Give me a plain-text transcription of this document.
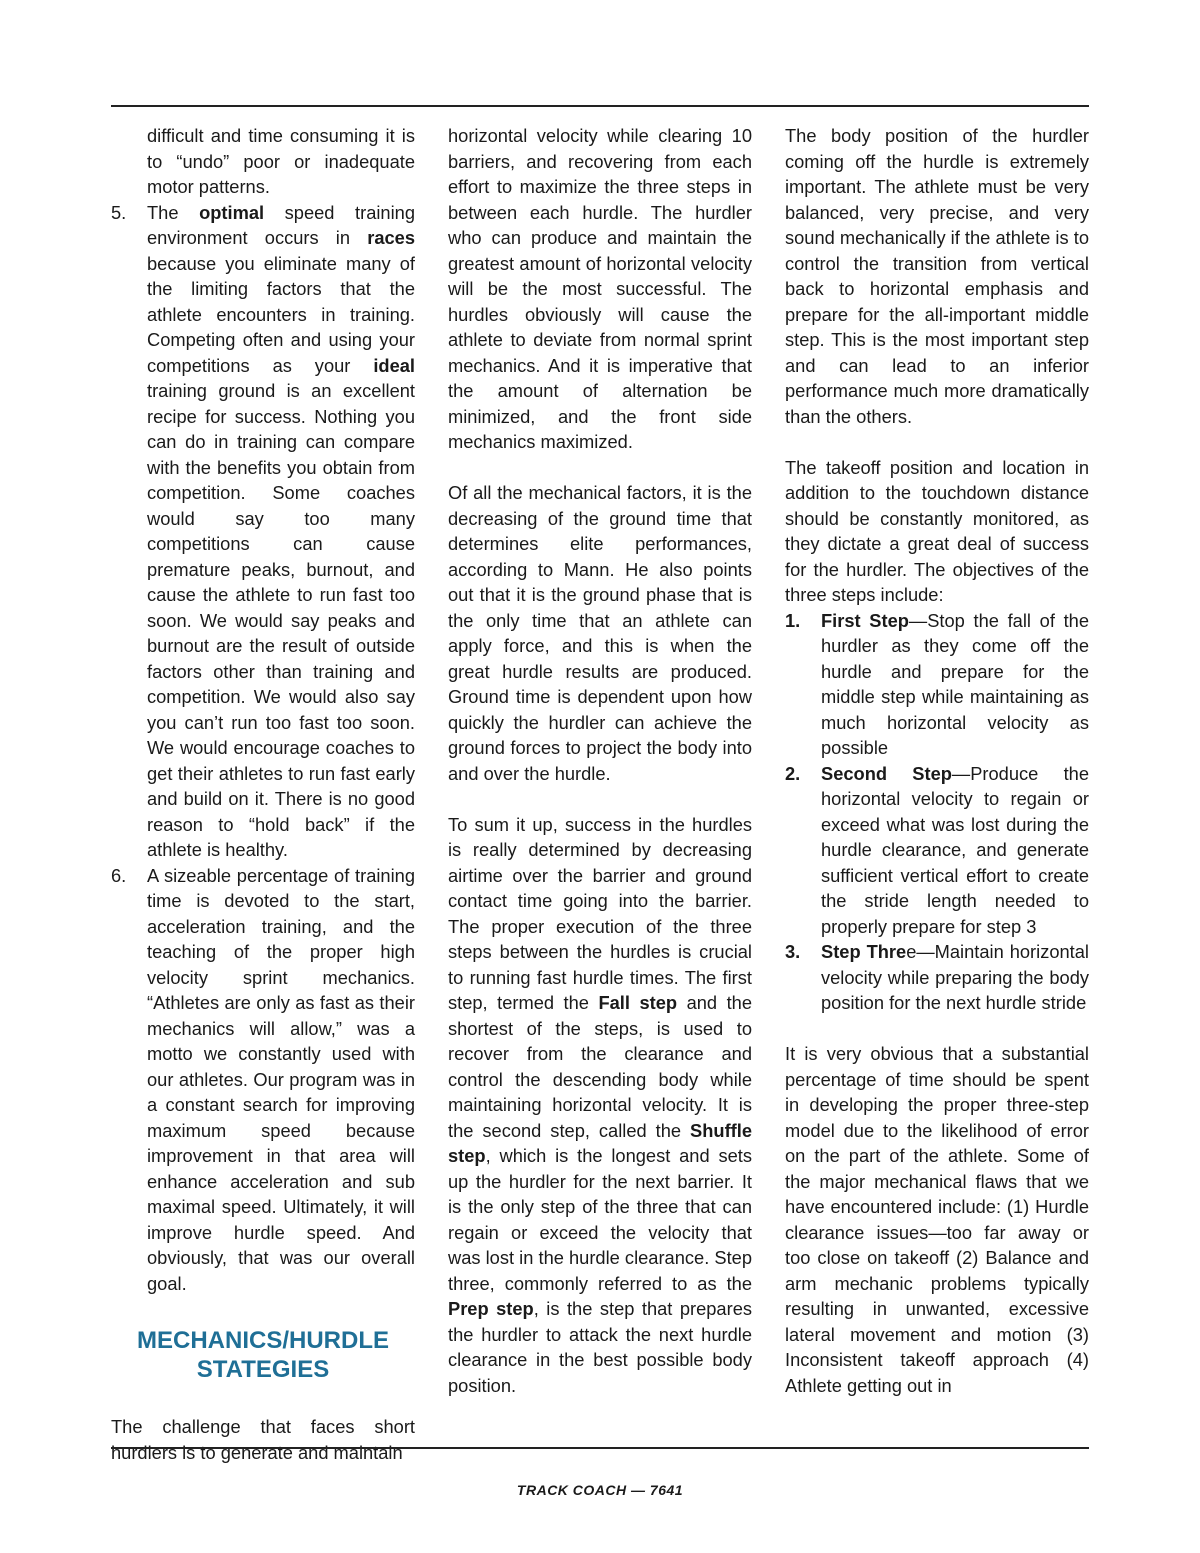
difficult and time consuming it is to “undo” poor or inadequate motor patterns.

5. The optimal speed training environment occurs in races because you eliminate many of the limiting factors that the athlete encounters in training. Competing often and using your competitions as your ideal training ground is an excellent recipe for success. Nothing you can do in training can compare with the benefits you obtain from competition. Some coaches would say too many competitions can cause premature peaks, burnout, and cause the athlete to run fast too soon. We would say peaks and burnout are the result of outside factors other than training and competition. We would also say you can’t run too fast too soon. We would encourage coaches to get their athletes to run fast early and build on it. There is no good reason to “hold back” if the athlete is healthy.

6. A sizeable percentage of training time is devoted to the start, acceleration training, and the teaching of the proper high velocity sprint mechanics. “Athletes are only as fast as their mechanics will allow,” was a motto we constantly used with our athletes. Our program was in a constant search for improving maximum speed because improvement in that area will enhance acceleration and sub maximal speed. Ultimately, it will improve hurdle speed. And obviously, that was our overall goal.

MECHANICS/HURDLE
STATEGIES

The challenge that faces short hurdlers is to generate and maintain

horizontal velocity while clearing 10 barriers, and recovering from each effort to maximize the three steps in between each hurdle. The hurdler who can produce and maintain the greatest amount of horizontal velocity will be the most successful. The hurdles obviously will cause the athlete to deviate from normal sprint mechanics. And it is imperative that the amount of alternation be minimized, and the front side mechanics maximized.

Of all the mechanical factors, it is the decreasing of the ground time that determines elite performances, according to Mann. He also points out that it is the ground phase that is the only time that an athlete can apply force, and this is when the great hurdle results are produced. Ground time is dependent upon how quickly the hurdler can achieve the ground forces to project the body into and over the hurdle.

To sum it up, success in the hurdles is really determined by decreasing airtime over the barrier and ground contact time going into the barrier. The proper execution of the three steps between the hurdles is crucial to running fast hurdle times. The first step, termed the Fall step and the shortest of the steps, is used to recover from the clearance and control the descending body while maintaining horizontal velocity. It is the second step, called the Shuffle step, which is the longest and sets up the hurdler for the next barrier. It is the only step of the three that can regain or exceed the velocity that was lost in the hurdle clearance. Step three, commonly referred to as the Prep step, is the step that prepares the hurdler to attack the next hurdle clearance in the best possible body position.

The body position of the hurdler coming off the hurdle is extremely important. The athlete must be very balanced, very precise, and very sound mechanically if the athlete is to control the transition from vertical back to horizontal emphasis and prepare for the all-important middle step. This is the most important step and can lead to an inferior performance much more dramatically than the others.

The takeoff position and location in addition to the touchdown distance should be constantly monitored, as they dictate a great deal of success for the hurdler. The objectives of the three steps include:

1. First Step—Stop the fall of the hurdler as they come off the hurdle and prepare for the middle step while maintaining as much horizontal velocity as possible

2. Second Step—Produce the horizontal velocity to regain or exceed what was lost during the hurdle clearance, and generate sufficient vertical effort to create the stride length needed to properly prepare for step 3

3. Step Three—Maintain horizontal velocity while preparing the body position for the next hurdle stride

It is very obvious that a substantial percentage of time should be spent in developing the proper three-step model due to the likelihood of error on the part of the athlete. Some of the major mechanical flaws that we have encountered include: (1) Hurdle clearance issues—too far away or too close on takeoff (2) Balance and arm mechanic problems typically resulting in unwanted, excessive lateral movement and motion (3) Inconsistent takeoff approach (4) Athlete getting out in

TRACK COACH — 7641
